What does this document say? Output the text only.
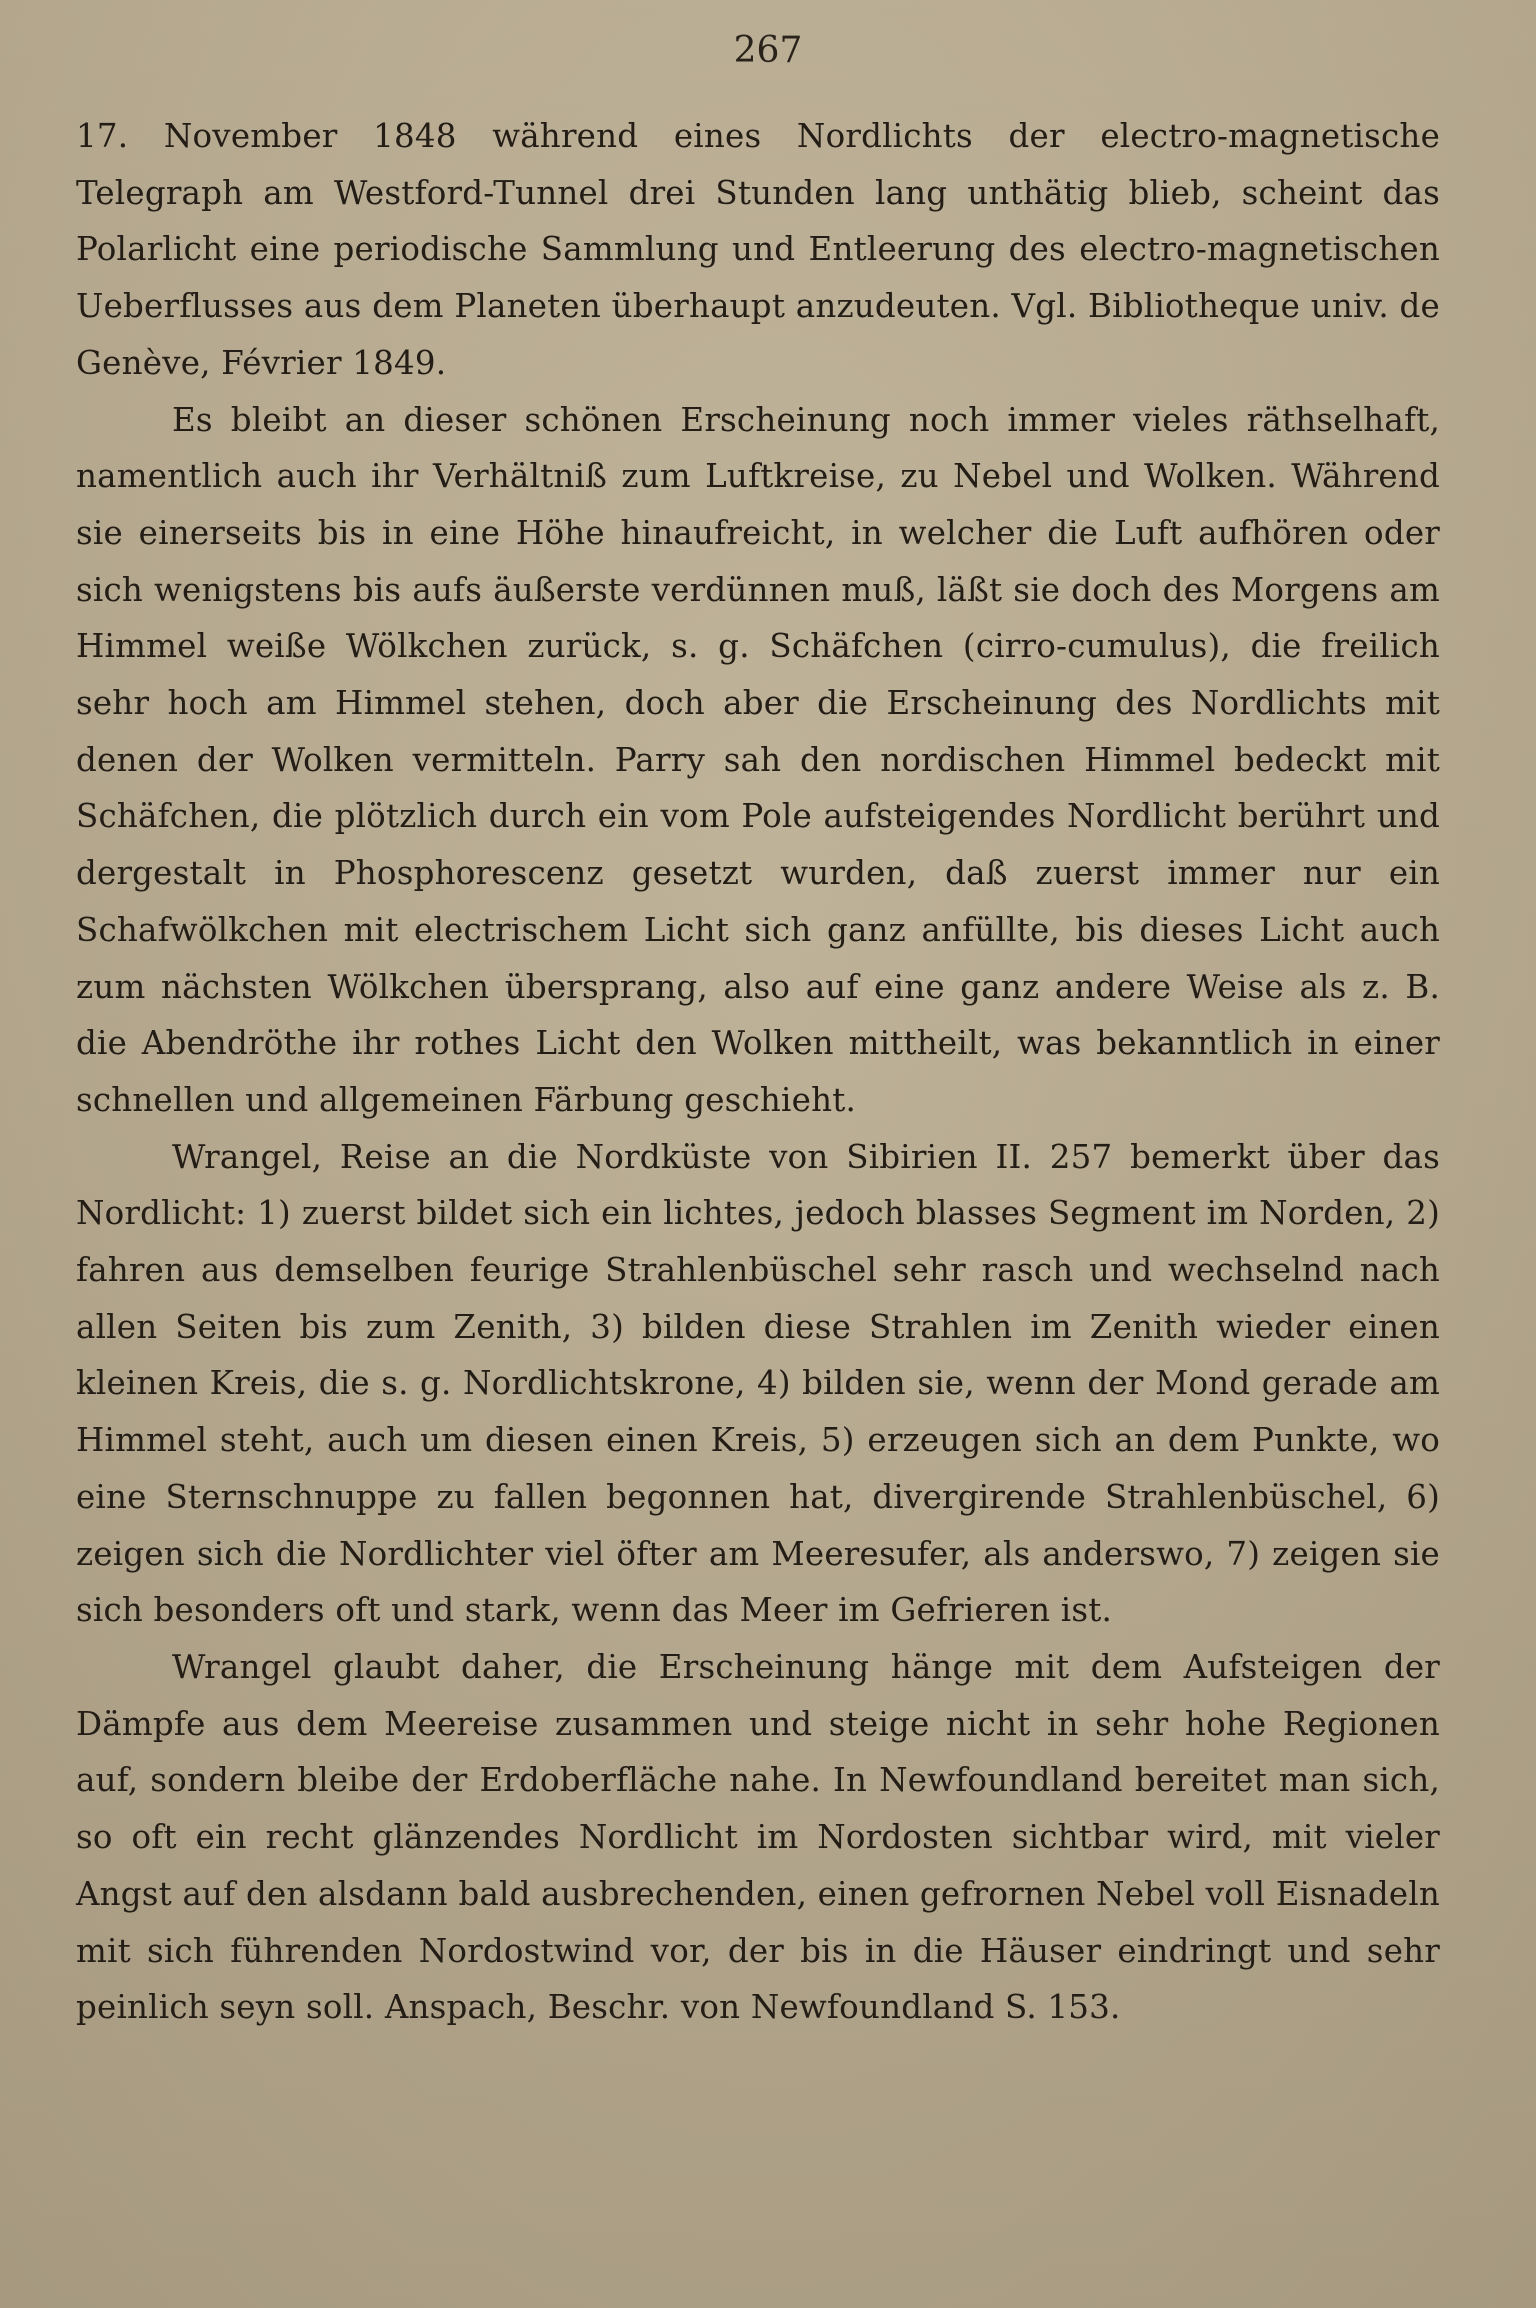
267

17. November 1848 während eines Nordlichts der electro-magnetische Telegraph am Westford-Tunnel drei Stunden lang unthätig blieb, scheint das Polarlicht eine periodische Sammlung und Entleerung des electro-magnetischen Ueberflusses aus dem Planeten überhaupt anzudeuten. Vgl. Bibliotheque univ. de Genève, Février 1849.

Es bleibt an dieser schönen Erscheinung noch immer vieles räthselhaft, namentlich auch ihr Verhältniß zum Luftkreise, zu Nebel und Wolken. Während sie einerseits bis in eine Höhe hinaufreicht, in welcher die Luft aufhören oder sich wenigstens bis aufs äußerste verdünnen muß, läßt sie doch des Morgens am Himmel weiße Wölkchen zurück, s. g. Schäfchen (cirro-cumulus), die freilich sehr hoch am Himmel stehen, doch aber die Erscheinung des Nordlichts mit denen der Wolken vermitteln. Parry sah den nordischen Himmel bedeckt mit Schäfchen, die plötzlich durch ein vom Pole aufsteigendes Nordlicht berührt und dergestalt in Phosphorescenz gesetzt wurden, daß zuerst immer nur ein Schafwölkchen mit electrischem Licht sich ganz anfüllte, bis dieses Licht auch zum nächsten Wölkchen übersprang, also auf eine ganz andere Weise als z. B. die Abendröthe ihr rothes Licht den Wolken mittheilt, was bekanntlich in einer schnellen und allgemeinen Färbung geschieht.

Wrangel, Reise an die Nordküste von Sibirien II. 257 bemerkt über das Nordlicht: 1) zuerst bildet sich ein lichtes, jedoch blasses Segment im Norden, 2) fahren aus demselben feurige Strahlenbüschel sehr rasch und wechselnd nach allen Seiten bis zum Zenith, 3) bilden diese Strahlen im Zenith wieder einen kleinen Kreis, die s. g. Nordlichtskrone, 4) bilden sie, wenn der Mond gerade am Himmel steht, auch um diesen einen Kreis, 5) erzeugen sich an dem Punkte, wo eine Sternschnuppe zu fallen begonnen hat, divergirende Strahlenbüschel, 6) zeigen sich die Nordlichter viel öfter am Meeresufer, als anderswo, 7) zeigen sie sich besonders oft und stark, wenn das Meer im Gefrieren ist.

Wrangel glaubt daher, die Erscheinung hänge mit dem Aufsteigen der Dämpfe aus dem Meereise zusammen und steige nicht in sehr hohe Regionen auf, sondern bleibe der Erdoberfläche nahe. In Newfoundland bereitet man sich, so oft ein recht glänzendes Nordlicht im Nordosten sichtbar wird, mit vieler Angst auf den alsdann bald ausbrechenden, einen gefrornen Nebel voll Eisnadeln mit sich führenden Nordostwind vor, der bis in die Häuser eindringt und sehr peinlich seyn soll. Anspach, Beschr. von Newfoundland S. 153.
